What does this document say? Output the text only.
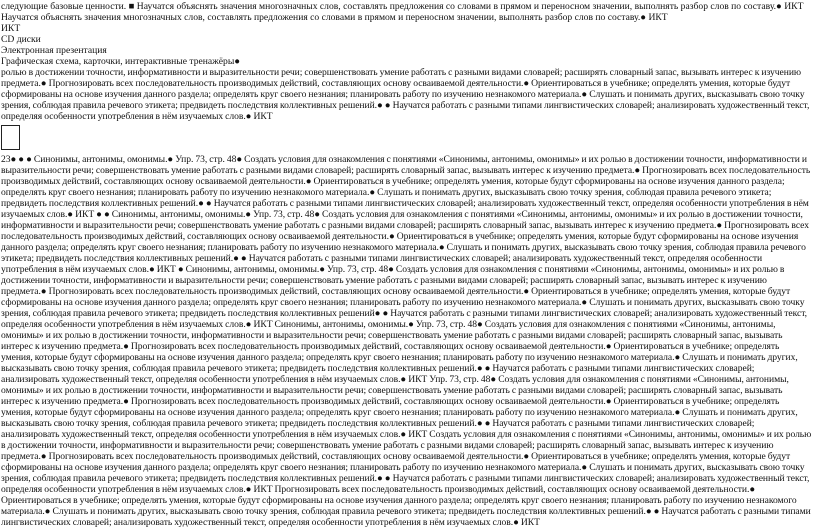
следующие базовые ценности. ■ Научатся объяснять значения многозначных слов, составлять предложения со словами в прямом и переносном значении, выполнять разбор слов по составу.● ИКТ
Научатся объяснять значения многозначных слов, составлять предложения со словами в прямом и переносном значении, выполнять разбор слов по составу.● ИКТ
ИКТ
CD диски
Электронная презентация
Графическая схема, карточки, интерактивные тренажёры●
ролью в достижении точности, информативности и выразительности речи; совершенствовать умение работать с разными видами словарей; расширять словарный запас, вызывать интерес к изучению предмета.● Прогнозировать всех последовательность производимых действий, составляющих основу осваиваемой деятельности.● Ориентироваться в учебнике; определять умения, которые будут сформированы на основе изучения данного раздела; определять круг своего незнания; планировать работу по изучению незнакомого материала.● Слушать и понимать других, высказывать свою точку зрения, соблюдая правила речевого этикета; предвидеть последствия коллективных решений.● ● Научатся работать с разными типами лингвистических словарей; анализировать художественный текст, определяя особенности употребления в нём изучаемых слов.● ИКТ
23● ● ● Синонимы, антонимы, омонимы.● Упр. 73, стр. 48● Создать условия для ознакомления с понятиями «Синонимы, антонимы, омонимы» и их ролью в достижении точности, информативности и выразительности речи; совершенствовать умение работать с разными видами словарей; расширять словарный запас, вызывать интерес к изучению предмета.● Прогнозировать всех последовательность производимых действий, составляющих основу осваиваемой деятельности.● Ориентироваться в учебнике; определять умения, которые будут сформированы на основе изучения данного раздела; определять круг своего незнания; планировать работу по изучению незнакомого материала.● Слушать и понимать других, высказывать свою точку зрения, соблюдая правила речевого этикета; предвидеть последствия коллективных решений.● ● Научатся работать с разными типами лингвистических словарей; анализировать художественный текст, определяя особенности употребления в нём изучаемых слов.● ИКТ ● ● Синонимы, антонимы, омонимы.● Упр. 73, стр. 48● Создать условия для ознакомления с понятиями «Синонимы, антонимы, омонимы» и их ролью в достижении точности, информативности и выразительности речи; совершенствовать умение работать с разными видами словарей; расширять словарный запас, вызывать интерес к изучению предмета.● Прогнозировать всех последовательность производимых действий, составляющих основу осваиваемой деятельности.● Ориентироваться в учебнике; определять умения, которые будут сформированы на основе изучения данного раздела; определять круг своего незнания; планировать работу по изучению незнакомого материала.● Слушать и понимать других, высказывать свою точку зрения, соблюдая правила речевого этикета; предвидеть последствия коллективных решений.● ● Научатся работать с разными типами лингвистических словарей; анализировать художественный текст, определяя особенности употребления в нём изучаемых слов.● ИКТ ● Синонимы, антонимы, омонимы.● Упр. 73, стр. 48● Создать условия для ознакомления с понятиями «Синонимы, антонимы, омонимы» и их ролью в достижении точности, информативности и выразительности речи; совершенствовать умение работать с разными видами словарей; расширять словарный запас, вызывать интерес к изучению предмета.● Прогнозировать всех последовательность производимых действий, составляющих основу осваиваемой деятельности.● Ориентироваться в учебнике; определять умения, которые будут сформированы на основе изучения данного раздела; определять круг своего незнания; планировать работу по изучению незнакомого материала.● Слушать и понимать других, высказывать свою точку зрения, соблюдая правила речевого этикета; предвидеть последствия коллективных решений● ● Научатся работать с разными типами лингвистических словарей; анализировать художественный текст, определяя особенности употребления в нём изучаемых слов.● ИКТ Синонимы, антонимы, омонимы.● Упр. 73, стр. 48● Создать условия для ознакомления с понятиями «Синонимы, антонимы, омонимы» и их ролью в достижении точности, информативности и выразительности речи; совершенствовать умение работать с разными видами словарей; расширять словарный запас, вызывать интерес к изучению предмета.● Прогнозировать всех последовательность производимых действий, составляющих основу осваиваемой деятельности.● Ориентироваться в учебнике; определять умения, которые будут сформированы на основе изучения данного раздела; определять круг своего незнания; планировать работу по изучению незнакомого материала.● Слушать и понимать других, высказывать свою точку зрения, соблюдая правила речевого этикета; предвидеть последствия коллективных решений.● ● Научатся работать с разными типами лингвистических словарей; анализировать художественный текст, определяя особенности употребления в нём изучаемых слов.● ИКТ Упр. 73, стр. 48● Создать условия для ознакомления с понятиями «Синонимы, антонимы, омонимы» и их ролью в достижении точности, информативности и выразительности речи; совершенствовать умение работать с разными видами словарей; расширять словарный запас, вызывать интерес к изучению предмета.● Прогнозировать всех последовательность производимых действий, составляющих основу осваиваемой деятельности.● Ориентироваться в учебнике; определять умения, которые будут сформированы на основе изучения данного раздела; определять круг своего незнания; планировать работу по изучению незнакомого материала.● Слушать и понимать других, высказывать свою точку зрения, соблюдая правила речевого этикета; предвидеть последствия коллективных решений.● ● Научатся работать с разными типами лингвистических словарей; анализировать художественный текст, определяя особенности употребления в нём изучаемых слов.● ИКТ Создать условия для ознакомления с понятиями «Синонимы, антонимы, омонимы» и их ролью в достижении точности, информативности и выразительности речи; совершенствовать умение работать с разными видами словарей; расширять словарный запас, вызывать интерес к изучению предмета.● Прогнозировать всех последовательность производимых действий, составляющих основу осваиваемой деятельности.● Ориентироваться в учебнике; определять умения, которые будут сформированы на основе изучения данного раздела; определять круг своего незнания; планировать работу по изучению незнакомого материала.● Слушать и понимать других, высказывать свою точку зрения, соблюдая правила речевого этикета; предвидеть последствия коллективных решений.● ● Научатся работать с разными типами лингвистических словарей; анализировать художественный текст, определяя особенности употребления в нём изучаемых слов.● ИКТ Прогнозировать всех последовательность производимых действий, составляющих основу осваиваемой деятельности.● Ориентироваться в учебнике; определять умения, которые будут сформированы на основе изучения данного раздела; определять круг своего незнания; планировать работу по изучению незнакомого материала.● Слушать и понимать других, высказывать свою точку зрения, соблюдая правила речевого этикета; предвидеть последствия коллективных решений.● ● Научатся работать с разными типами лингвистических словарей; анализировать художественный текст, определяя особенности употребления в нём изучаемых слов.● ИКТ
